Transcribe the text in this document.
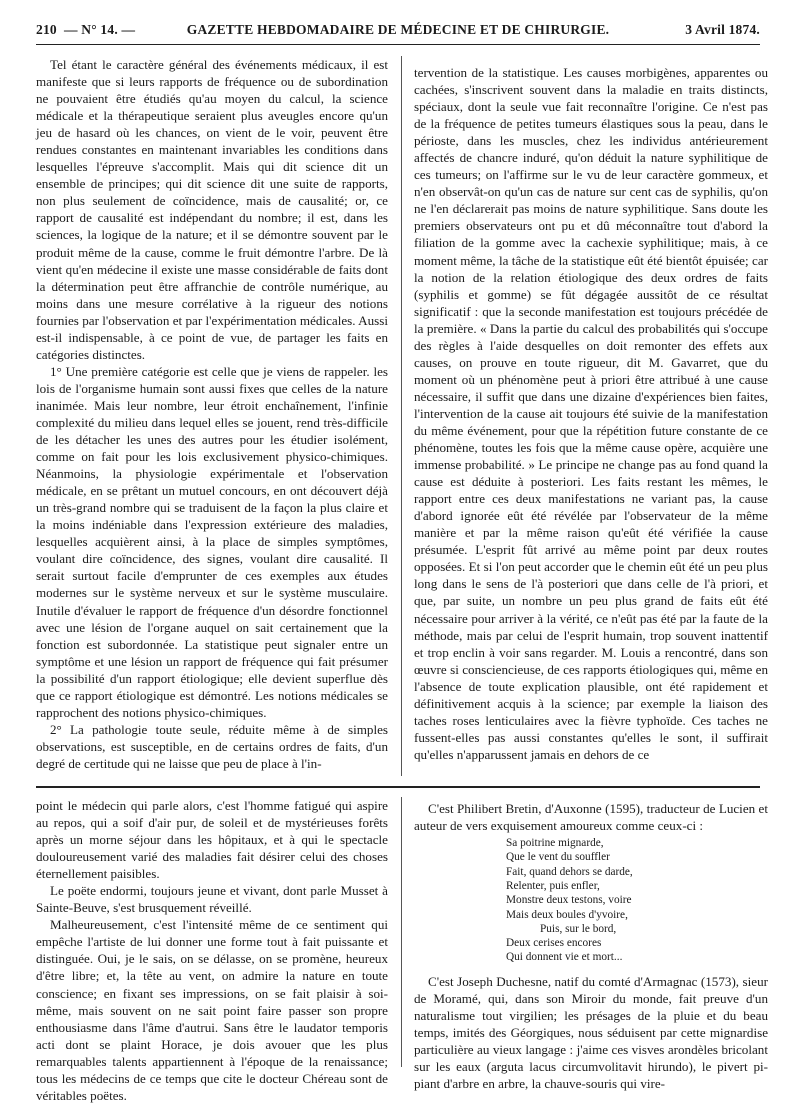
210 — N° 14. —	GAZETTE HEBDOMADAIRE DE MÉDECINE ET DE CHIRURGIE.	3 Avril 1874.

Tel étant le caractère général des événements médicaux, il est manifeste que si leurs rapports de fréquence ou de subordination ne pouvaient être étudiés qu'au moyen du calcul, la science médicale et la thérapeutique seraient plus aveugles encore qu'un jeu de hasard où les chances, on vient de le voir, peuvent être rendues constantes en maintenant invariables les conditions dans lesquelles l'épreuve s'accomplit. Mais qui dit science dit un ensemble de principes; qui dit science dit une suite de rapports, non plus seulement de coïncidence, mais de causalité; or, ce rapport de causalité est indépendant du nombre; il est, dans les sciences, la logique de la nature; et il se démontre souvent par le produit même de la cause, comme le fruit démontre l'arbre. De là vient qu'en médecine il existe une masse considérable de faits dont la détermination peut être affranchie de contrôle numérique, au moins dans une mesure corrélative à la rigueur des notions fournies par l'observation et par l'expérimentation médicales. Aussi est-il indispensable, à ce point de vue, de partager les faits en catégories distinctes.

1° Une première catégorie est celle que je viens de rappeler. les lois de l'organisme humain sont aussi fixes que celles de la nature inanimée. Mais leur nombre, leur étroit enchaînement, l'infinie complexité du milieu dans lequel elles se jouent, rend très-difficile de les détacher les unes des autres pour les étudier isolément, comme on fait pour les lois exclusivement physico-chimiques. Néanmoins, la physiologie expérimentale et l'observation médicale, en se prêtant un mutuel concours, en ont découvert déjà un très-grand nombre qui se traduisent de la façon la plus claire et la moins indéniable dans l'expression extérieure des maladies, lesquelles acquièrent ainsi, à la place de simples symptômes, voulant dire coïncidence, des signes, voulant dire causalité. Il serait surtout facile d'emprunter de ces exemples aux études modernes sur le système nerveux et sur le système musculaire. Inutile d'évaluer le rapport de fréquence d'un désordre fonctionnel avec une lésion de l'organe auquel on sait certainement que la fonction est subordonnée. La statistique peut signaler entre un symptôme et une lésion un rapport de fréquence qui fait présumer la possibilité d'un rapport étiologique; elle devient superflue dès que ce rapport étiologique est démontré. Les notions médicales se rapprochent des notions physico-chimiques.

2° La pathologie toute seule, réduite même à de simples observations, est susceptible, en de certains ordres de faits, d'un degré de certitude qui ne laisse que peu de place à l'in-

tervention de la statistique. Les causes morbigènes, apparentes ou cachées, s'inscrivent souvent dans la maladie en traits distincts, spéciaux, dont la seule vue fait reconnaître l'origine. Ce n'est pas de la fréquence de petites tumeurs élastiques sous la peau, dans le périoste, dans les muscles, chez les individus antérieurement affectés de chancre induré, qu'on déduit la nature syphilitique de ces tumeurs; on l'affirme sur le vu de leur caractère gommeux, et n'en observât-on qu'un cas de nature sur cent cas de syphilis, qu'on ne l'en déclarerait pas moins de nature syphilitique. Sans doute les premiers observateurs ont pu et dû méconnaître tout d'abord la filiation de la gomme avec la cachexie syphilitique; mais, à ce moment même, la tâche de la statistique eût été bientôt épuisée; car la notion de la relation étiologique des deux ordres de faits (syphilis et gomme) se fût dégagée aussitôt de ce résultat significatif : que la seconde manifestation est toujours précédée de la première. « Dans la partie du calcul des probabilités qui s'occupe des règles à l'aide desquelles on doit remonter des effets aux causes, on prouve en toute rigueur, dit M. Gavarret, que du moment où un phénomène peut à priori être attribué à une cause nécessaire, il suffit que dans une dizaine d'expériences bien faites, l'intervention de la cause ait toujours été suivie de la manifestation du même événement, pour que la répétition future constante de ce phénomène, toutes les fois que la même cause opère, acquière une immense probabilité. » Le principe ne change pas au fond quand la cause est déduite à posteriori. Les faits restant les mêmes, le rapport entre ces deux manifestations ne variant pas, la cause d'abord ignorée eût été révélée par l'observateur de la même manière et par la même raison qu'eût été vérifiée la cause présumée. L'esprit fût arrivé au même point par deux routes opposées. Et si l'on peut accorder que le chemin eût été un peu plus long dans le sens de l'à posteriori que dans celle de l'à priori, et que, par suite, un nombre un peu plus grand de faits eût été nécessaire pour arriver à la vérité, ce n'eût pas été par la faute de la méthode, mais par celui de l'esprit humain, trop souvent inattentif et trop enclin à voir sans regarder. M. Louis a rencontré, dans son œuvre si consciencieuse, de ces rapports étiologiques qui, même en l'absence de toute explication plausible, ont été rapidement et définitivement acquis à la science; par exemple la liaison des taches roses lenticulaires avec la fièvre typhoïde. Ces taches ne fussent-elles pas aussi constantes qu'elles le sont, il suffirait qu'elles n'apparussent jamais en dehors de ce

point le médecin qui parle alors, c'est l'homme fatigué qui aspire au repos, qui a soif d'air pur, de soleil et de mystérieuses forêts après un morne séjour dans les hôpitaux, et à qui le spectacle douloureusement varié des maladies fait désirer celui des choses éternellement paisibles.

Le poëte endormi, toujours jeune et vivant, dont parle Musset à Sainte-Beuve, s'est brusquement réveillé.

Malheureusement, c'est l'intensité même de ce sentiment qui empêche l'artiste de lui donner une forme tout à fait puissante et distinguée. Oui, je le sais, on se délasse, on se promène, heureux d'être libre; et, la tête au vent, on admire la nature en toute conscience; en fixant ses impressions, on se fait plaisir à soi-même, mais souvent on ne sait point faire passer son propre enthousiasme dans l'âme d'autrui. Sans être le laudator temporis acti dont se plaint Horace, je dois avouer que les plus remarquables talents appartiennent à l'époque de la renaissance; tous les médecins de ce temps que cite le docteur Chéreau sont de véritables poëtes.

C'est Philibert Bretin, d'Auxonne (1595), traducteur de Lucien et auteur de vers exquisement amoureux comme ceux-ci :

Sa poitrine mignarde,
Que le vent du souffler
Fait, quand dehors se darde,
Relenter, puis enfler,
Monstre deux testons, voire
Mais deux boules d'yvoire,
Puis, sur le bord,
Deux cerises encores
Qui donnent vie et mort...

C'est Joseph Duchesne, natif du comté d'Armagnac (1573), sieur de Moramé, qui, dans son Miroir du monde, fait preuve d'un naturalisme tout virgilien; les présages de la pluie et du beau temps, imités des Géorgiques, nous séduisent par cette mignardise particulière au vieux langage : j'aime ces visves arondèles bricolant sur les eaux (arguta lacus circumvolitavit hirundo), le pivert pi-piant d'arbre en arbre, la chauve-souris qui vire-
